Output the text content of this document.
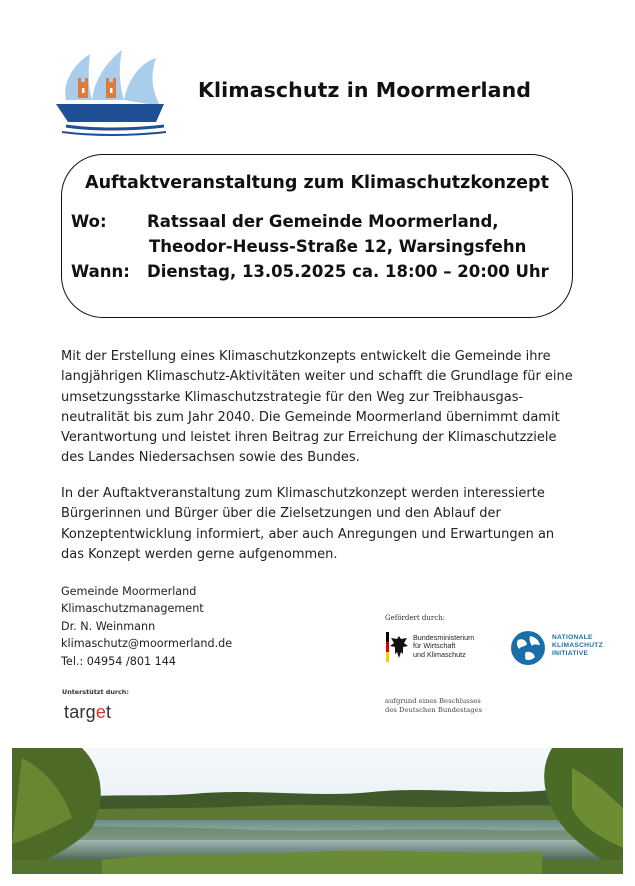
Klimaschutz in Moormerland
Auftaktveranstaltung zum Klimaschutzkonzept
Wo: Ratssaal der Gemeinde Moormerland,
Theodor-Heuss-Straße 12, Warsingsfehn
Wann: Dienstag, 13.05.2025 ca. 18:00 – 20:00 Uhr

Mit der Erstellung eines Klimaschutzkonzepts entwickelt die Gemeinde ihre

langjährigen Klimaschutz-Aktivitäten weiter und schafft die Grundlage für eine

umsetzungsstarke Klimaschutzstrategie für den Weg zur Treibhausgas-

neutralität bis zum Jahr 2040. Die Gemeinde Moormerland übernimmt damit

Verantwortung und leistet ihren Beitrag zur Erreichung der Klimaschutzziele

des Landes Niedersachsen sowie des Bundes.

In der Auftaktveranstaltung zum Klimaschutzkonzept werden interessierte

Bürgerinnen und Bürger über die Zielsetzungen und den Ablauf der

Konzeptentwicklung informiert, aber auch Anregungen und Erwartungen an

das Konzept werden gerne aufgenommen.

Gemeinde Moormerland
Klimaschutzmanagement
Dr. N. Weinmann
klimaschutz@moormerland.de
Tel.: 04954 /801 144
Gefördert durch:
Bundesministerium
für Wirtschaft
und Klimaschutz
NATIONALE
KLIMASCHUTZ
INITIATIVE
aufgrund eines Beschlusses
des Deutschen Bundestages
Unterstützt durch:
target
